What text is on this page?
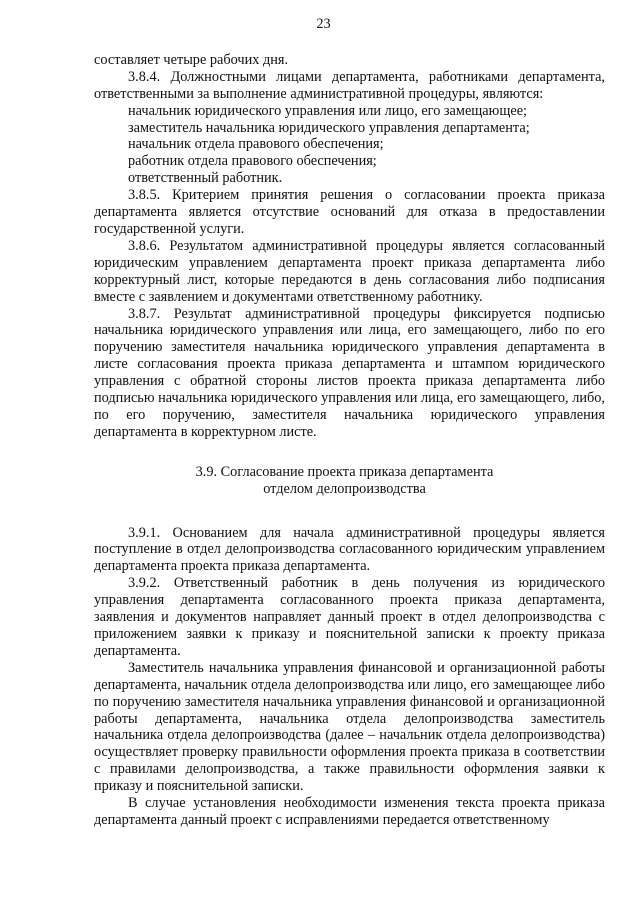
23

составляет четыре рабочих дня.

3.8.4. Должностными лицами департамента, работниками департамента, ответственными за выполнение административной процедуры, являются:

начальник юридического управления или лицо, его замещающее;

заместитель начальника юридического управления департамента;

начальник отдела правового обеспечения;

работник отдела правового обеспечения;

ответственный работник.

3.8.5. Критерием принятия решения о согласовании проекта приказа департамента является отсутствие оснований для отказа в предоставлении государственной услуги.

3.8.6. Результатом административной процедуры является согласованный юридическим управлением департамента проект приказа департамента либо корректурный лист, которые передаются в день согласования либо подписания вместе с заявлением и документами ответственному работнику.

3.8.7. Результат административной процедуры фиксируется подписью начальника юридического управления или лица, его замещающего, либо по его поручению заместителя начальника юридического управления департамента в листе согласования проекта приказа департамента и штампом юридического управления с обратной стороны листов проекта приказа департамента либо подписью начальника юридического управления или лица, его замещающего, либо, по его поручению, заместителя начальника юридического управления департамента в корректурном листе.

3.9. Согласование проекта приказа департамента

отделом делопроизводства

3.9.1. Основанием для начала административной процедуры является поступление в отдел делопроизводства согласованного юридическим управлением департамента проекта приказа департамента.

3.9.2. Ответственный работник в день получения из юридического управления департамента согласованного проекта приказа департамента, заявления и документов направляет данный проект в отдел делопроизводства с приложением заявки к приказу и пояснительной записки к проекту приказа департамента.

Заместитель начальника управления финансовой и организационной работы департамента, начальник отдела делопроизводства или лицо, его замещающее либо по поручению заместителя начальника управления финансовой и организационной работы департамента, начальника отдела делопроизводства заместитель начальника отдела делопроизводства (далее – начальник отдела делопроизводства) осуществляет проверку правильности оформления проекта приказа в соответствии с правилами делопроизводства, а также правильности оформления заявки к приказу и пояснительной записки.

В случае установления необходимости изменения текста проекта приказа департамента данный проект с исправлениями передается ответственному
